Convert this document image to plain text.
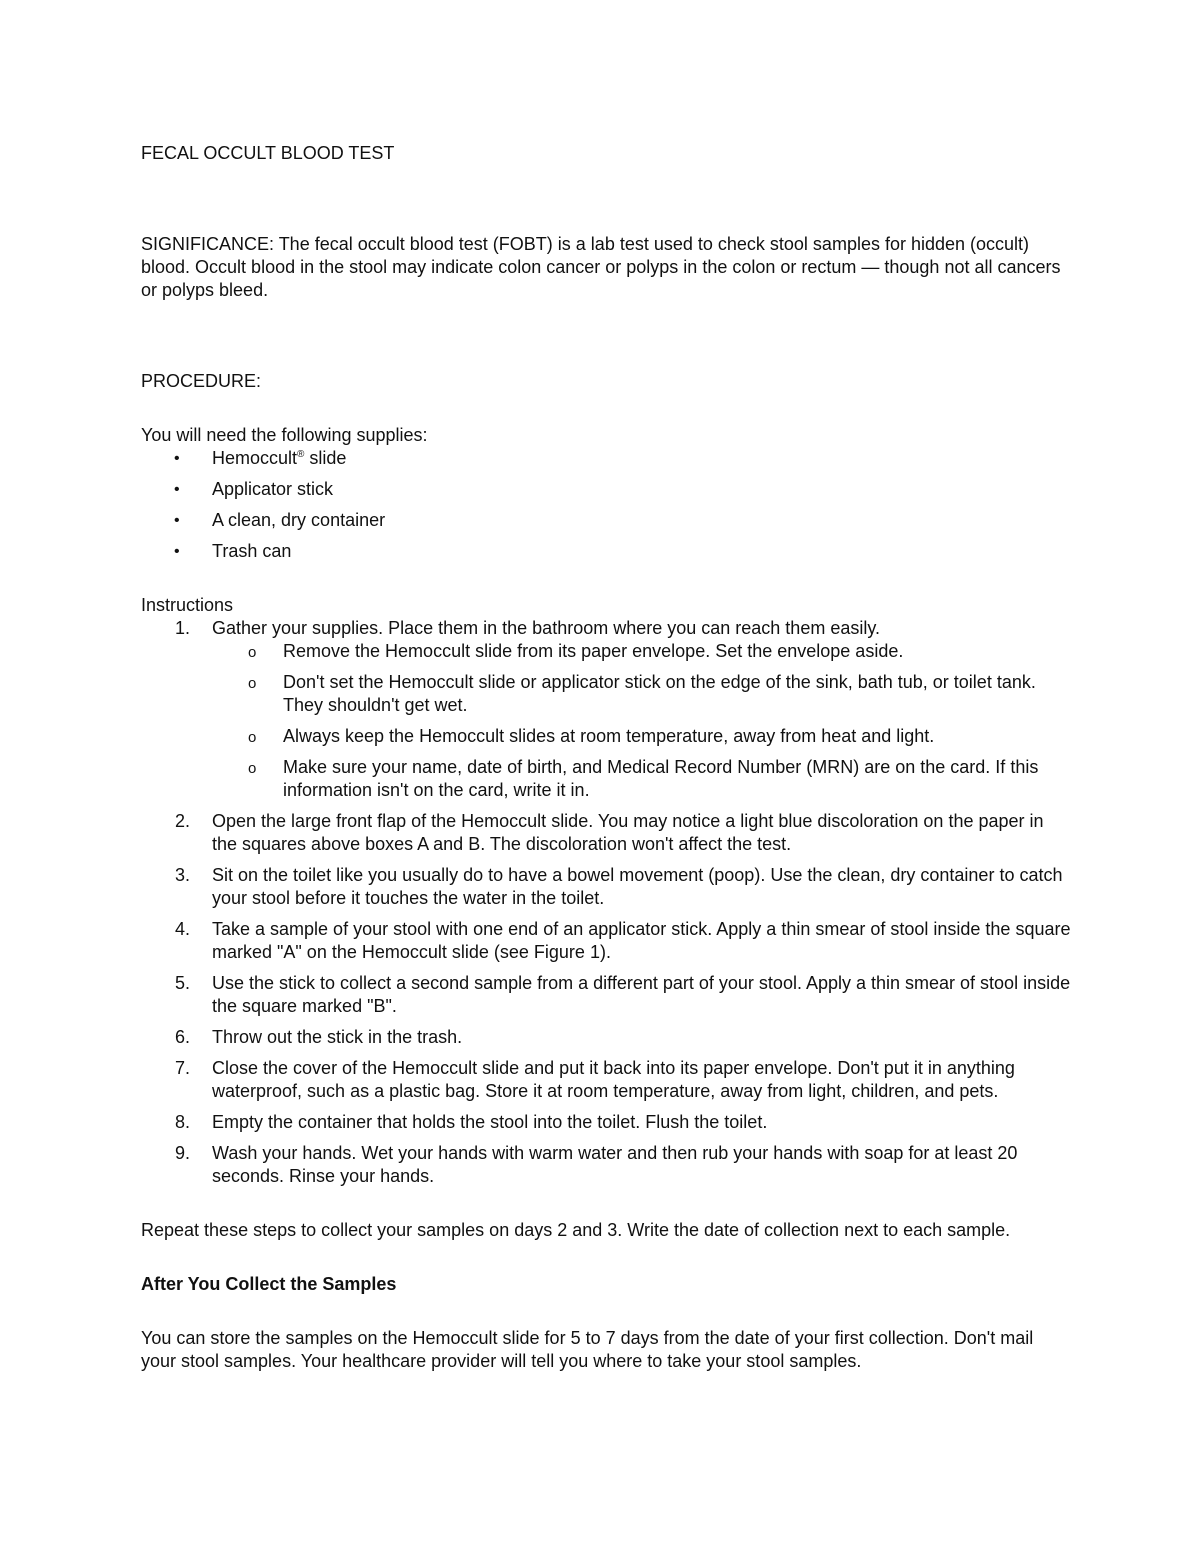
FECAL OCCULT BLOOD TEST

SIGNIFICANCE: The fecal occult blood test (FOBT) is a lab test used to check stool samples for hidden (occult) blood. Occult blood in the stool may indicate colon cancer or polyps in the colon or rectum — though not all cancers or polyps bleed.

PROCEDURE:

You will need the following supplies:

• Hemoccult® slide
• Applicator stick
• A clean, dry container
• Trash can

Instructions

1. Gather your supplies. Place them in the bathroom where you can reach them easily.
o Remove the Hemoccult slide from its paper envelope. Set the envelope aside.
o Don't set the Hemoccult slide or applicator stick on the edge of the sink, bath tub, or toilet tank. They shouldn't get wet.
o Always keep the Hemoccult slides at room temperature, away from heat and light.
o Make sure your name, date of birth, and Medical Record Number (MRN) are on the card. If this information isn't on the card, write it in.
2. Open the large front flap of the Hemoccult slide. You may notice a light blue discoloration on the paper in the squares above boxes A and B. The discoloration won't affect the test.
3. Sit on the toilet like you usually do to have a bowel movement (poop). Use the clean, dry container to catch your stool before it touches the water in the toilet.
4. Take a sample of your stool with one end of an applicator stick. Apply a thin smear of stool inside the square marked "A" on the Hemoccult slide (see Figure 1).
5. Use the stick to collect a second sample from a different part of your stool. Apply a thin smear of stool inside the square marked "B".
6. Throw out the stick in the trash.
7. Close the cover of the Hemoccult slide and put it back into its paper envelope. Don't put it in anything waterproof, such as a plastic bag. Store it at room temperature, away from light, children, and pets.
8. Empty the container that holds the stool into the toilet. Flush the toilet.
9. Wash your hands. Wet your hands with warm water and then rub your hands with soap for at least 20 seconds. Rinse your hands.

Repeat these steps to collect your samples on days 2 and 3. Write the date of collection next to each sample.

After You Collect the Samples

You can store the samples on the Hemoccult slide for 5 to 7 days from the date of your first collection. Don't mail your stool samples. Your healthcare provider will tell you where to take your stool samples.
